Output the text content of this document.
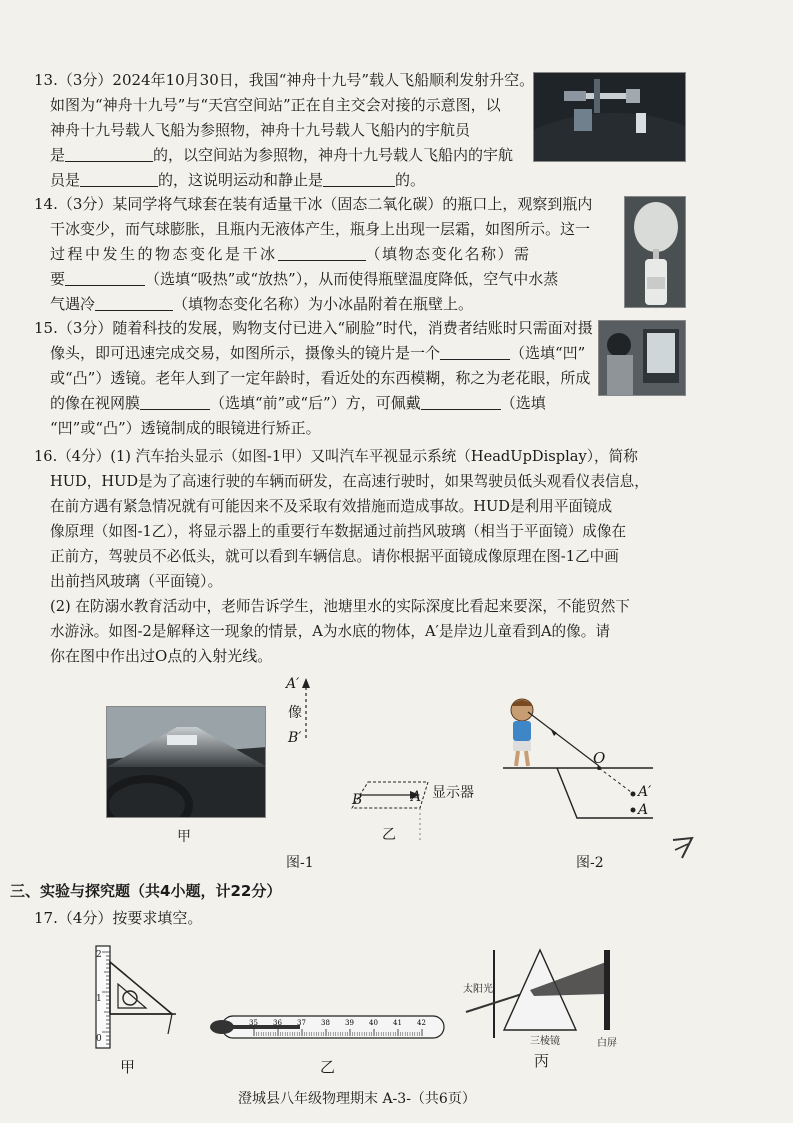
13.（3分）2024年10月30日，我国“神舟十九号”载人飞船顺利发射升空。

如图为“神舟十九号”与“天宫空间站”正在自主交会对接的示意图，以

神舟十九号载人飞船为参照物，神舟十九号载人飞船内的宇航员

是	的，以空间站为参照物，神舟十九号载人飞船内的宇航

员是	的，这说明运动和静止是	的。

14.（3分）某同学将气球套在装有适量干冰（固态二氧化碳）的瓶口上，观察到瓶内

干冰变少，而气球膨胀，且瓶内无液体产生，瓶身上出现一层霜，如图所示。这一

过程中发生的物态变化是干冰	（填物态变化名称）需

要	（选填“吸热”或“放热”），从而使得瓶壁温度降低，空气中水蒸

气遇冷	（填物态变化名称）为小冰晶附着在瓶壁上。

15.（3分）随着科技的发展，购物支付已进入“刷脸”时代，消费者结账时只需面对摄

像头，即可迅速完成交易，如图所示，摄像头的镜片是一个	（选填“凹”

或“凸”）透镜。老年人到了一定年龄时，看近处的东西模糊，称之为老花眼，所成

的像在视网膜	（选填“前”或“后”）方，可佩戴	（选填

“凹”或“凸”）透镜制成的眼镜进行矫正。

16.（4分）(1) 汽车抬头显示（如图-1甲）又叫汽车平视显示系统（HeadUpDisplay），简称

HUD，HUD是为了高速行驶的车辆而研发，在高速行驶时，如果驾驶员低头观看仪表信息，

在前方遇有紧急情况就有可能因来不及采取有效措施而造成事故。HUD是利用平面镜成

像原理（如图-1乙），将显示器上的重要行车数据通过前挡风玻璃（相当于平面镜）成像在

正前方，驾驶员不必低头，就可以看到车辆信息。请你根据平面镜成像原理在图-1乙中画

出前挡风玻璃（平面镜）。

(2) 在防溺水教育活动中，老师告诉学生，池塘里水的实际深度比看起来要深，不能贸然下

水游泳。如图-2是解释这一现象的情景，A为水底的物体，A′是岸边儿童看到A的像。请

你在图中作出过O点的入射光线。

甲
A′
像
B′
B	A 显示器
乙
图-1
O
A′
A
图-2
三、实验与探究题（共4小题，计22分）

17.（4分）按要求填空。

2
1
0
甲
35 36 37 38 39 40 41 42
乙
太阳光
三棱镜	白屏
丙
澄城县八年级物理期末 A-3-（共6页）
